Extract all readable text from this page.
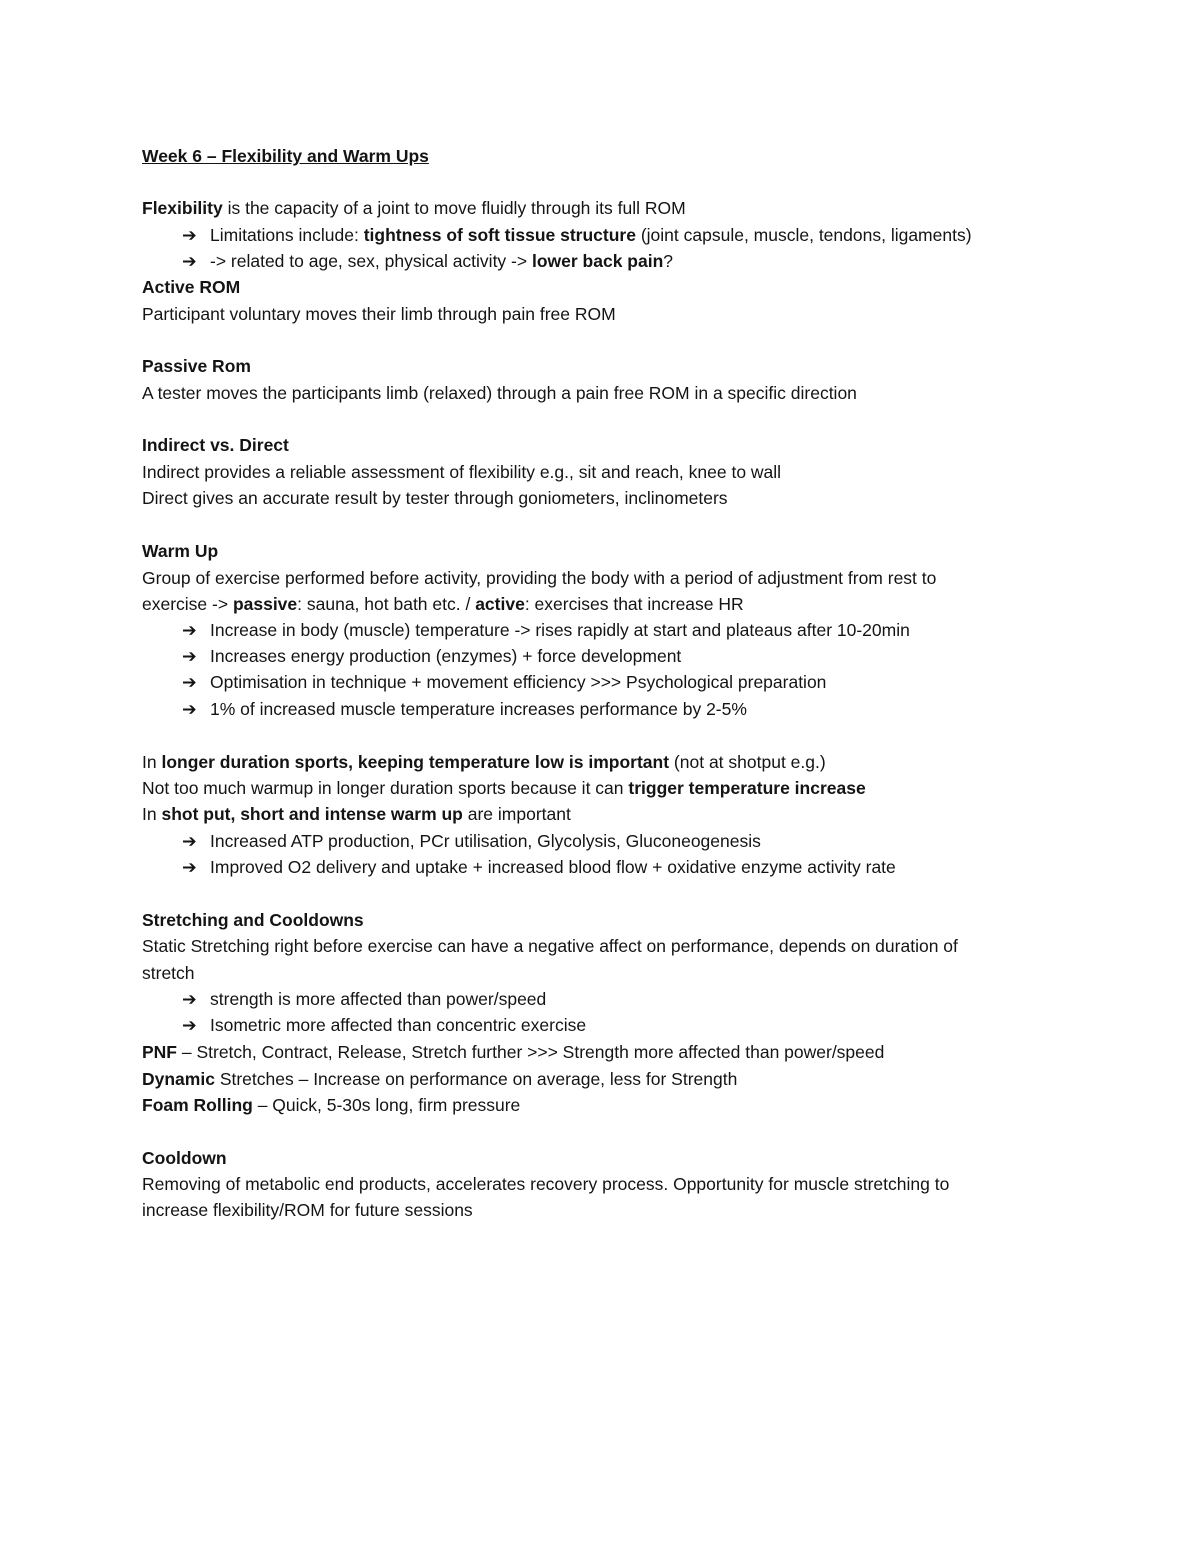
Week 6 – Flexibility and Warm Ups
Flexibility is the capacity of a joint to move fluidly through its full ROM
➔ Limitations include: tightness of soft tissue structure (joint capsule, muscle, tendons, ligaments)
➔ -> related to age, sex, physical activity -> lower back pain?
Active ROM
Participant voluntary moves their limb through pain free ROM
Passive Rom
A tester moves the participants limb (relaxed) through a pain free ROM in a specific direction
Indirect vs. Direct
Indirect provides a reliable assessment of flexibility e.g., sit and reach, knee to wall
Direct gives an accurate result by tester through goniometers, inclinometers
Warm Up
Group of exercise performed before activity, providing the body with a period of adjustment from rest to
exercise -> passive: sauna, hot bath etc. / active: exercises that increase HR
➔ Increase in body (muscle) temperature -> rises rapidly at start and plateaus after 10-20min
➔ Increases energy production (enzymes) + force development
➔ Optimisation in technique + movement efficiency >>> Psychological preparation
➔ 1% of increased muscle temperature increases performance by 2-5%
In longer duration sports, keeping temperature low is important (not at shotput e.g.)
Not too much warmup in longer duration sports because it can trigger temperature increase
In shot put, short and intense warm up are important
➔ Increased ATP production, PCr utilisation, Glycolysis, Gluconeogenesis
➔ Improved O2 delivery and uptake + increased blood flow + oxidative enzyme activity rate
Stretching and Cooldowns
Static Stretching right before exercise can have a negative affect on performance, depends on duration of
stretch
➔ strength is more affected than power/speed
➔ Isometric more affected than concentric exercise
PNF – Stretch, Contract, Release, Stretch further >>> Strength more affected than power/speed
Dynamic Stretches – Increase on performance on average, less for Strength
Foam Rolling – Quick, 5-30s long, firm pressure
Cooldown
Removing of metabolic end products, accelerates recovery process. Opportunity for muscle stretching to
increase flexibility/ROM for future sessions
